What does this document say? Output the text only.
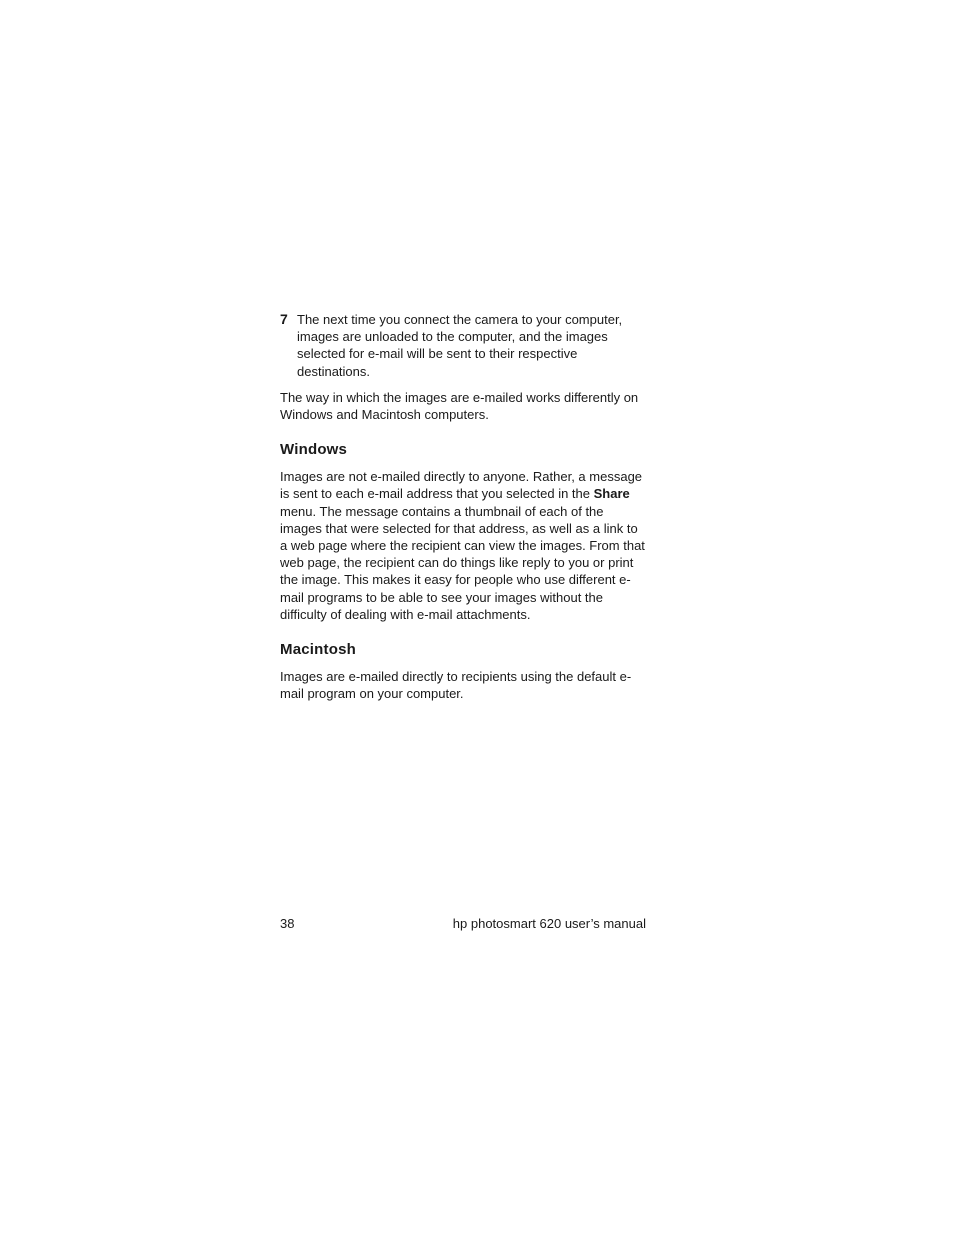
7 The next time you connect the camera to your computer, images are unloaded to the computer, and the images selected for e-mail will be sent to their respective destinations.

The way in which the images are e-mailed works differently on Windows and Macintosh computers.

Windows

Images are not e-mailed directly to anyone. Rather, a message is sent to each e-mail address that you selected in the Share menu. The message contains a thumbnail of each of the images that were selected for that address, as well as a link to a web page where the recipient can view the images. From that web page, the recipient can do things like reply to you or print the image. This makes it easy for people who use different e-mail programs to be able to see your images without the difficulty of dealing with e-mail attachments.

Macintosh

Images are e-mailed directly to recipients using the default e-mail program on your computer.

38	hp photosmart 620 user’s manual
